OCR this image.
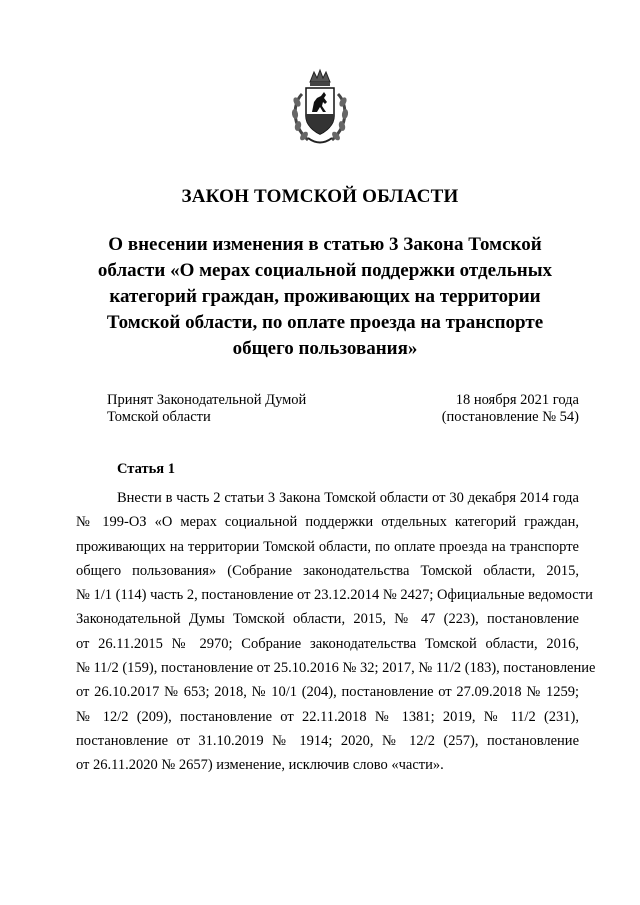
ЗАКОН ТОМСКОЙ ОБЛАСТИ
О внесении изменения в статью 3 Закона Томской
области «О мерах социальной поддержки отдельных
категорий граждан, проживающих на территории
Томской области, по оплате проезда на транспорте
общего пользования»
Принят Законодательной Думой
Томской области
18 ноября 2021 года
(постановление № 54)
Статья 1
Внести в часть 2 статьи 3 Закона Томской области от 30 декабря 2014 года
№ 199-ОЗ «О мерах социальной поддержки отдельных категорий граждан,
проживающих на территории Томской области, по оплате проезда на транспорте
общего пользования» (Собрание законодательства Томской области, 2015,
№ 1/1 (114) часть 2, постановление от 23.12.2014 № 2427; Официальные ведомости
Законодательной Думы Томской области, 2015, № 47 (223), постановление
от 26.11.2015 № 2970; Собрание законодательства Томской области, 2016,
№ 11/2 (159), постановление от 25.10.2016 № 32; 2017, № 11/2 (183), постановление
от 26.10.2017 № 653; 2018, № 10/1 (204), постановление от 27.09.2018 № 1259;
№ 12/2 (209), постановление от 22.11.2018 № 1381; 2019, № 11/2 (231),
постановление от 31.10.2019 № 1914; 2020, № 12/2 (257), постановление
от 26.11.2020 № 2657) изменение, исключив слово «части».
